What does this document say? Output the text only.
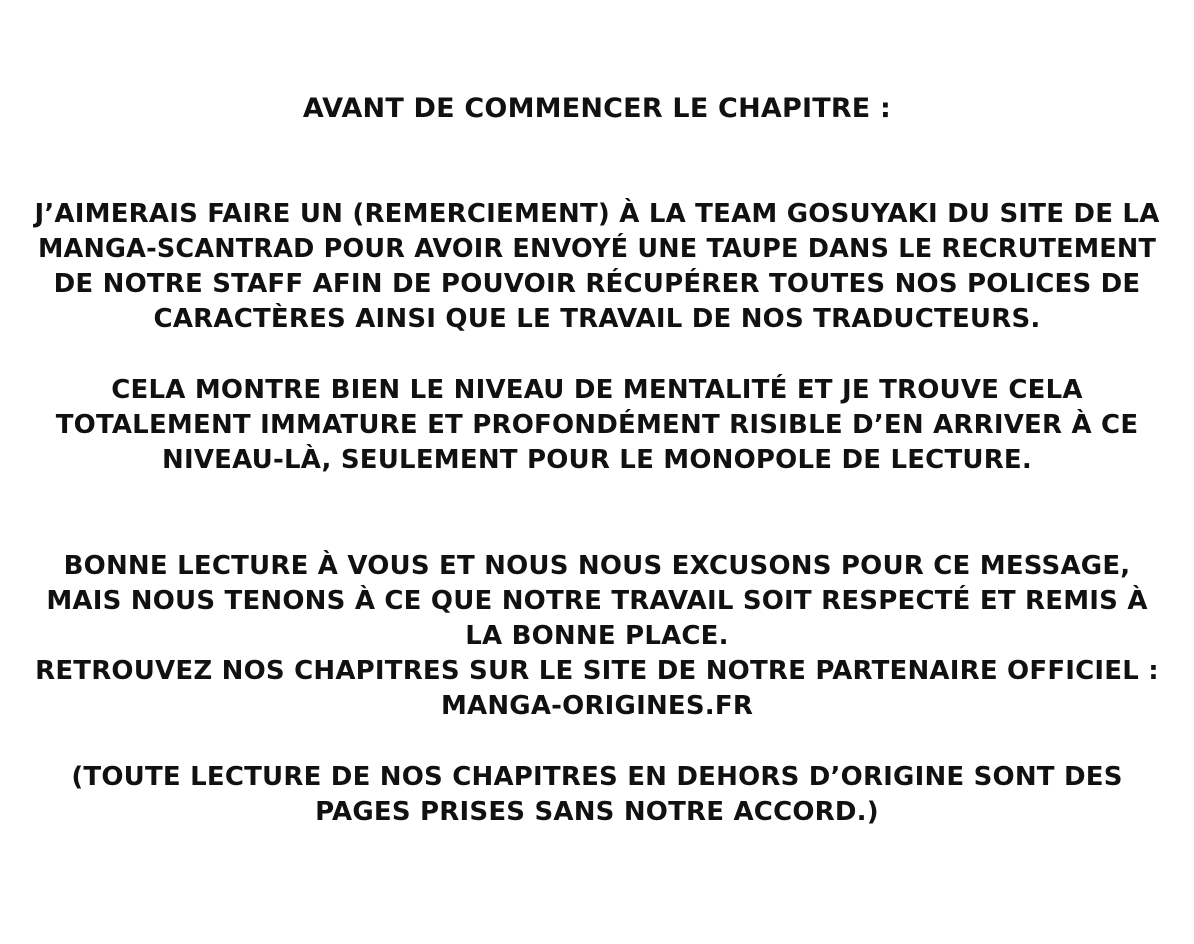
AVANT DE COMMENCER LE CHAPITRE :
J’AIMERAIS FAIRE UN (REMERCIEMENT) À LA TEAM GOSUYAKI DU SITE DE LA
MANGA-SCANTRAD POUR AVOIR ENVOYÉ UNE TAUPE DANS LE RECRUTEMENT
DE NOTRE STAFF AFIN DE POUVOIR RÉCUPÉRER TOUTES NOS POLICES DE
CARACTÈRES AINSI QUE LE TRAVAIL DE NOS TRADUCTEURS.
CELA MONTRE BIEN LE NIVEAU DE MENTALITÉ ET JE TROUVE CELA
TOTALEMENT IMMATURE ET PROFONDÉMENT RISIBLE D’EN ARRIVER À CE
NIVEAU-LÀ, SEULEMENT POUR LE MONOPOLE DE LECTURE.
BONNE LECTURE À VOUS ET NOUS NOUS EXCUSONS POUR CE MESSAGE,
MAIS NOUS TENONS À CE QUE NOTRE TRAVAIL SOIT RESPECTÉ ET REMIS À
LA BONNE PLACE.
RETROUVEZ NOS CHAPITRES SUR LE SITE DE NOTRE PARTENAIRE OFFICIEL :
MANGA-ORIGINES.FR
(TOUTE LECTURE DE NOS CHAPITRES EN DEHORS D’ORIGINE SONT DES
PAGES PRISES SANS NOTRE ACCORD.)
